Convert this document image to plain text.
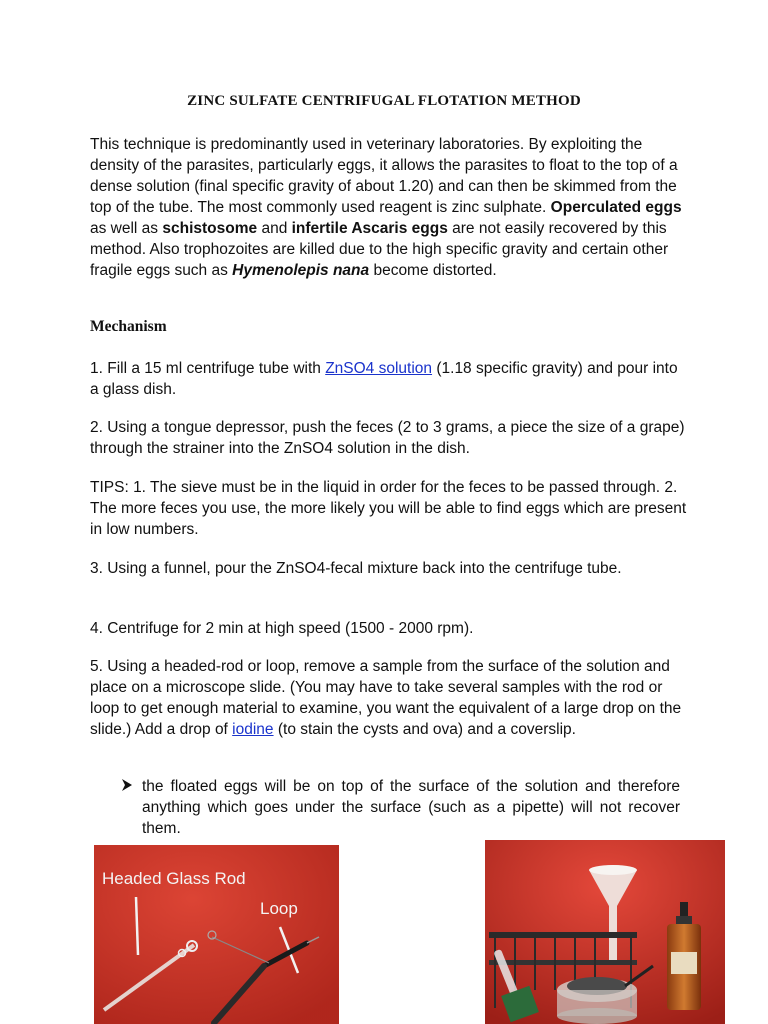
ZINC SULFATE CENTRIFUGAL FLOTATION METHOD

This technique is predominantly used in veterinary laboratories. By exploiting the density of the parasites, particularly eggs, it allows the parasites to float to the top of a dense solution (final specific gravity of about 1.20) and can then be skimmed from the top of the tube. The most commonly used reagent is zinc sulphate. Operculated eggs as well as schistosome and infertile Ascaris eggs are not easily recovered by this method. Also trophozoites are killed due to the high specific gravity and certain other fragile eggs such as Hymenolepis nana become distorted.

Mechanism

1. Fill a 15 ml centrifuge tube with ZnSO4 solution (1.18 specific gravity) and pour into a glass dish.

2. Using a tongue depressor, push the feces (2 to 3 grams, a piece the size of a grape) through the strainer into the ZnSO4 solution in the dish.

TIPS: 1. The sieve must be in the liquid in order for the feces to be passed through. 2. The more feces you use, the more likely you will be able to find eggs which are present in low numbers.

3. Using a funnel, pour the ZnSO4-fecal mixture back into the centrifuge tube.

4. Centrifuge for 2 min at high speed (1500 - 2000 rpm).

5. Using a headed-rod or loop, remove a sample from the surface of the solution and place on a microscope slide. (You may have to take several samples with the rod or loop to get enough material to examine, you want the equivalent of a large drop on the slide.) Add a drop of iodine (to stain the cysts and ova) and a coverslip.

the floated eggs will be on top of the surface of the solution and therefore anything which goes under the surface (such as a pipette) will not recover them.

Headed Glass Rod
Loop
